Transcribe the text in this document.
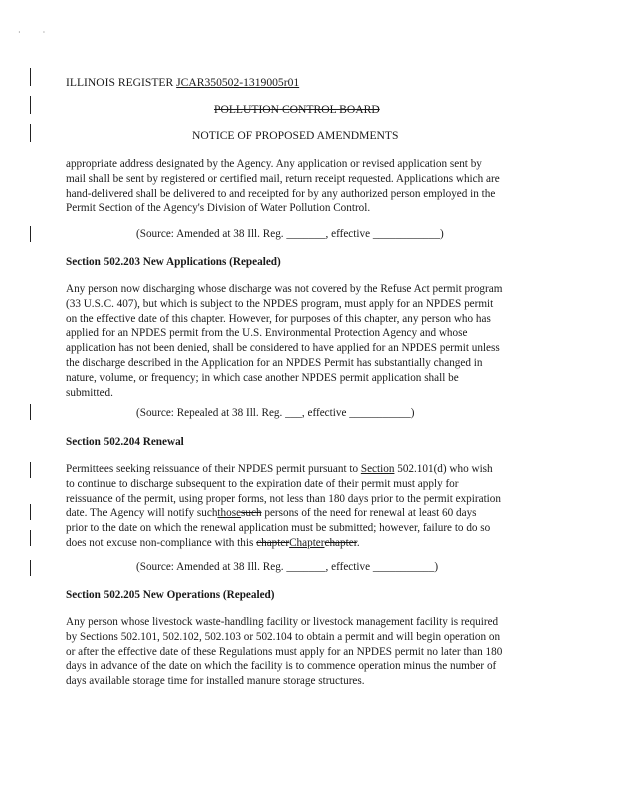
· ·
ILLINOIS REGISTER JCAR350502-1319005r01
POLLUTION CONTROL BOARD
NOTICE OF PROPOSED AMENDMENTS
appropriate address designated by the Agency. Any application or revised application sent by
mail shall be sent by registered or certified mail, return receipt requested. Applications which are
hand-delivered shall be delivered to and receipted for by any authorized person employed in the
Permit Section of the Agency's Division of Water Pollution Control.
(Source: Amended at 38 Ill. Reg. _______, effective ____________)
Section 502.203 New Applications (Repealed)
Any person now discharging whose discharge was not covered by the Refuse Act permit program
(33 U.S.C. 407), but which is subject to the NPDES program, must apply for an NPDES permit
on the effective date of this chapter. However, for purposes of this chapter, any person who has
applied for an NPDES permit from the U.S. Environmental Protection Agency and whose
application has not been denied, shall be considered to have applied for an NPDES permit unless
the discharge described in the Application for an NPDES Permit has substantially changed in
nature, volume, or frequency; in which case another NPDES permit application shall be
submitted.
(Source: Repealed at 38 Ill. Reg. ___, effective ___________)
Section 502.204 Renewal
Permittees seeking reissuance of their NPDES permit pursuant to Section 502.101(d) who wish
to continue to discharge subsequent to the expiration date of their permit must apply for
reissuance of the permit, using proper forms, not less than 180 days prior to the permit expiration
date. The Agency will notify suchthosesuch persons of the need for renewal at least 60 days
prior to the date on which the renewal application must be submitted; however, failure to do so
does not excuse non-compliance with this chapterChapterchapter.
(Source: Amended at 38 Ill. Reg. _______, effective ___________)
Section 502.205 New Operations (Repealed)
Any person whose livestock waste-handling facility or livestock management facility is required
by Sections 502.101, 502.102, 502.103 or 502.104 to obtain a permit and will begin operation on
or after the effective date of these Regulations must apply for an NPDES permit no later than 180
days in advance of the date on which the facility is to commence operation minus the number of
days available storage time for installed manure storage structures.
